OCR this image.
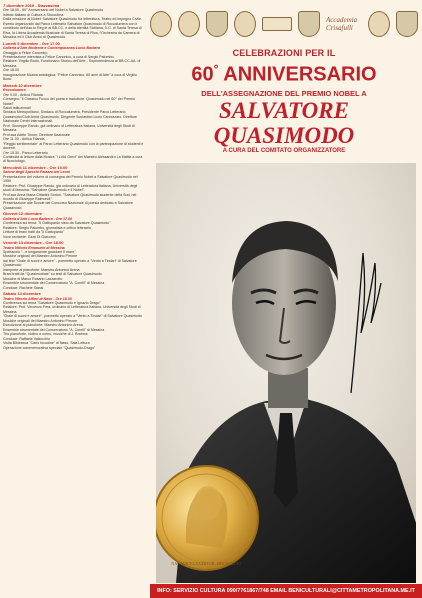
Accademia Crisafulli
7 dicembre 2019 - Stazzasima

Ore 18.00 - 60° Anniversario del Nobel a Salvatore Quasimodo

Istituto Italiano di Cultura a Stoccolma

Dalla missione ai Nobel: Salvatore Quasimodo tra letteratura, Teatro ed impegno Civile.

Evento organizzato dal Parco Letterario Salvatore Quasimodo di Roccalumera con il contributo dell'Ass.to Reg.le ai BB.CC. e della identità Siciliana, l'I.C. di Santa Teresa di Riva, la Libera Accademia Musicale di Santa Teresa di Riva, l'Orchestra da Camera di Messina ed il Club Amici di Quasimodo.

Lunedì 9 dicembre - Ore 17.00
Galleria d'Arte Moderna e Contemporanea Lucio Barbera

Omaggio a Felice Canonico

Presentazione intervista a Felice Canonico, a cura di Sergio Palumbo.

Relatore: Virgilio Bodo, Funzionario Storico dell'Arte - Soprintendenza ai BB.CC.AA. di Messina

Ore 18.00

Inaugurazione Mostra antologica: "Felice Canonico, 60 anni di Arte" a cura di Virgilio Bodo

Martedì 10 dicembre
Roccalumera

Ore 9.00 - Antica Filanda

Convegno "Il Classico Fuoco del poeta e traduttore. Quasimodo nel 60° del Premio Nobel"

Saluti istituzionali

Sindaco Metropolitano, Sindaco di Roccalumera, Presidente Parco Letterario Quasimodo/Club Amici Quasimodo, Dirigente Scolastico Liceo Cannizzaro, Direttore Nazionale Centri Internazionali.

Prof. Giuseppe Rando, già ordinario di Letteratura Italiana, Università degli Studi di Messina

Prof.ssa Adele Tirone, Direttore Nazionale

Ore 11.00 - Antica Filanda

"Reggio sentimentale" al Parco Letterario Quasimodo con la partecipazione di studenti e docenti.

Ore 15.30 - Parco Letterario

Continuità di letture dalla Mostra "I Lirici Greci" del Maestro Alessandro La Mattia a cura di Nucciologo.

Mercoledì 11 dicembre - Ore 10.00
Salone degli Specchi Palazzo dei Leoni

Presentazione del volume di consegna del Premio Nobel a Salvatore Quasimodo nel 1959

Relatore: Prof. Giuseppe Rando, già ordinario di Letteratura Italiana, Università degli studi di Messina. "Salvatore Quasimodo e il Nobel".

Prof.ssa Anna Maria Cittadini Sortori, "Salvatore Quasimodo studente della Sud, nel ricordo di Giuseppe Raimondi".

Presentazione alle Scuole del Concorso Nazionale di poesia dedicato a Salvatore Quasimodo.

Giovedì 12 dicembre
Galleria d'Arte Lucio Barbera - Ore 17.00

Conferenza sul tema: "Il Gattopardo visto da Salvatore Quasimodo"

Relatore: Sergio Palumbo, giornalista e critico letterario

Letture di brani tratti da "Il Gattopardo"

Voce recitante: Giusi Di Giacomo

Venerdì 13 dicembre - Ore 18.00
Teatro Vittorio Emanuele di Messina

Spettacolo "...e lungamente guardare il mare"

Musiche originali del Maestro Antonino Pirrone

dai lirici "Orale di suoni e amore" - poemetto operato a "Vento a Tindari" di Salvatore Quasimodo

Interprete al pianoforte: Maestro Antonino Arena

Brani tratti da "Quasimodiale" su testi di Salvatore Quasimodo

Musiche di Marco Rosario Lazzarotto

Ensemble strumentale del Conservatorio "A. Corelli" di Messina

Conduce: Rachele Stassi

Sabato 14 dicembre
Teatro Vittorio Alfieri di Naso - Ore 18.30

Conferenza sul tema "Salvatore Quasimodo e Ignazio Drago"

Relatore: Prof. Vincenzo Fera, ordinario di Letteratura Italiana, Università degli Studi di Messina.

"Orale di suoni e amore", poemetto operato a "Vento a Tindari" di Salvatore Quasimodo

Musiche originali del Maestro Antonino Pirrone

Esecuzione al pianoforte: Maestro Antonino Arena

Ensemble strumentale del Conservatorio "A. Corelli" di Messina

Trio pianoforte, violino e corno, musiche di J. Brahms

Conduce: Raffaele Vallocchio

Visita Biblioteca "Carlo Incudine" di Naso, Sala Lettura

Operazione commemorativa speciale "Quasimodo-Drago"

CELEBRAZIONI PER IL
60° ANNIVERSARIO
DELL'ASSEGNAZIONE DEL PREMIO NOBEL A
SALVATORE QUASIMODO
A CURA DEL COMITATO ORGANIZZATORE
NAT. MDCCCXXXIII OB. MDCCCXCVI
INFO: SERVIZIO CULTURA 090/7761867/748 EMAIL BENICULTURALI@CITTAMETROPOLITANA.ME.IT
